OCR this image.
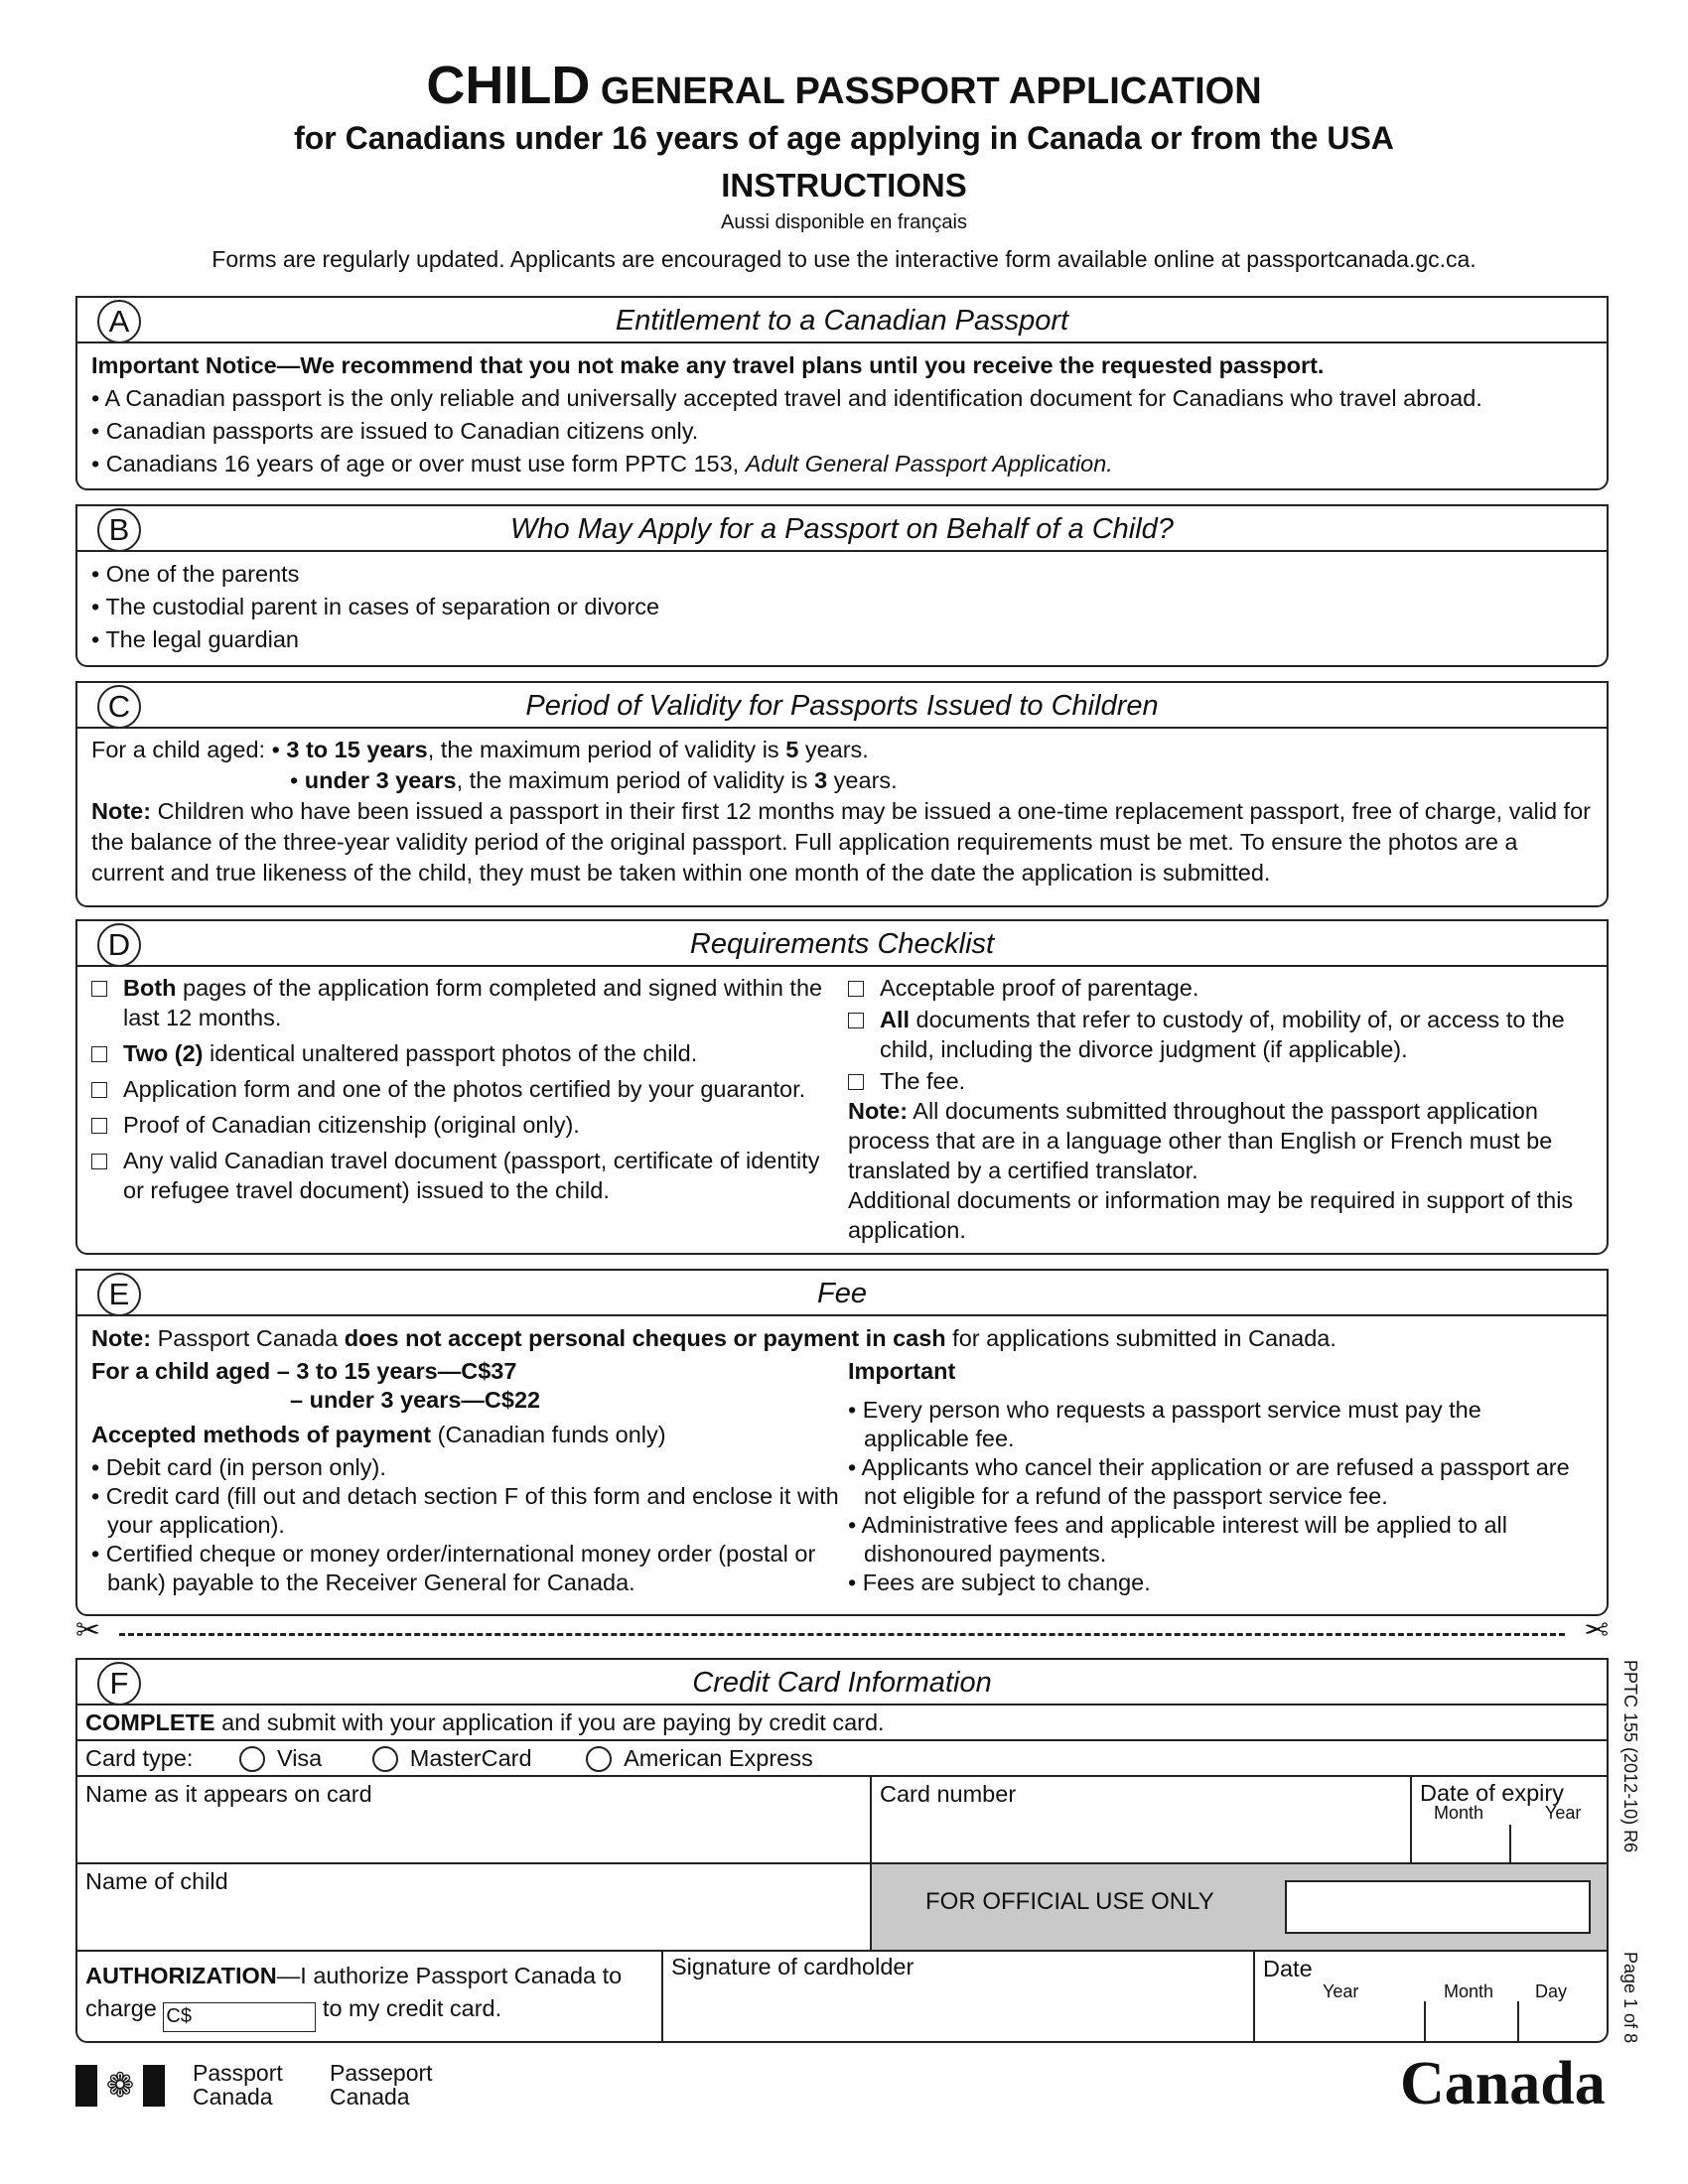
CHILD GENERAL PASSPORT APPLICATION
for Canadians under 16 years of age applying in Canada or from the USA
INSTRUCTIONS
Aussi disponible en français
Forms are regularly updated. Applicants are encouraged to use the interactive form available online at passportcanada.gc.ca.
Entitlement to a Canadian Passport
A

Important Notice—We recommend that you not make any travel plans until you receive the requested passport.

• A Canadian passport is the only reliable and universally accepted travel and identification document for Canadians who travel abroad.

• Canadian passports are issued to Canadian citizens only.

• Canadians 16 years of age or over must use form PPTC 153, Adult General Passport Application.

Who May Apply for a Passport on Behalf of a Child?
B

• One of the parents

• The custodial parent in cases of separation or divorce

• The legal guardian

Period of Validity for Passports Issued to Children
C

For a child aged: • 3 to 15 years, the maximum period of validity is 5 years.

• under 3 years, the maximum period of validity is 3 years.

Note: Children who have been issued a passport in their first 12 months may be issued a one-time replacement passport, free of charge, valid for the balance of the three-year validity period of the original passport. Full application requirements must be met. To ensure the photos are a current and true likeness of the child, they must be taken within one month of the date the application is submitted.

Requirements Checklist
D
Both pages of the application form completed and signed within the last 12 months.
Two (2) identical unaltered passport photos of the child.
Application form and one of the photos certified by your guarantor.
Proof of Canadian citizenship (original only).
Any valid Canadian travel document (passport, certificate of identity or refugee travel document) issued to the child.
Acceptable proof of parentage.
All documents that refer to custody of, mobility of, or access to the child, including the divorce judgment (if applicable).
The fee.

Note: All documents submitted throughout the passport application process that are in a language other than English or French must be translated by a certified translator.

Additional documents or information may be required in support of this application.

Fee
E

Note: Passport Canada does not accept personal cheques or payment in cash for applications submitted in Canada.

For a child aged – 3 to 15 years—C$37

– under 3 years—C$22

Accepted methods of payment (Canadian funds only)

• Debit card (in person only).

• Credit card (fill out and detach section F of this form and enclose it with your application).

• Certified cheque or money order/international money order (postal or bank) payable to the Receiver General for Canada.

Important

• Every person who requests a passport service must pay the applicable fee.

• Applicants who cancel their application or are refused a passport are not eligible for a refund of the passport service fee.

• Administrative fees and applicable interest will be applied to all dishonoured payments.

• Fees are subject to change.

✂	✂
Credit Card Information
F
COMPLETE and submit with your application if you are paying by credit card.
Card type:	Visa	MasterCard	American Express
Name as it appears on card	Card number	Date of expiry
Month	Year
Name of child
FOR OFFICIAL USE ONLY
AUTHORIZATION—I authorize Passport Canada to
charge C$	to my credit card.
Signature of cardholder	Date
Year	Month Day
PPTC 155 (2012-10) R6
Page 1 of 8
❁	Passport
Canada
Passeport
Canada	Canada
